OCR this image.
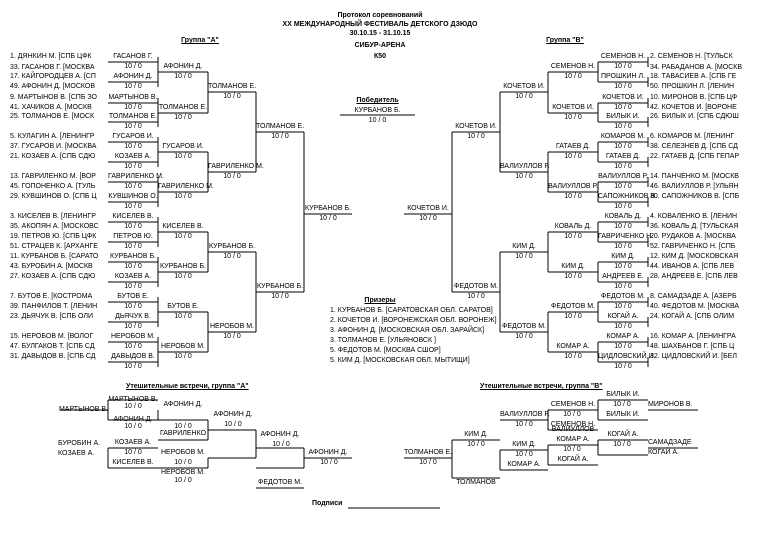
Протокол соревнований
XX МЕЖДУНАРОДНЫЙ ФЕСТИВАЛЬ ДЕТСКОГО ДЗЮДО
30.10.15 - 31.10.15
СИБУР-АРЕНА
К50
Группа "А"	Группа "В"
1. ДЯНКИН М. [СПБ ЦФК
33. ГАСАНОВ Г. [МОСКВА
17. КАЙГОРОДЦЕВ А. [СП
49. АФОНИН Д. [МОСКОВ
9. МАРТЫНОВ В. [СПБ ЗО
41. ХАЧИКОВ А. [МОСКВ
25. ТОЛМАНОВ Е. [МОСК
5. КУЛАГИН А. [ЛЕНИНГР
37. ГУСАРОВ И. [МОСКВА
21. КОЗАЕВ А. [СПБ СДЮ
13. ГАВРИЛЕНКО М. [ВОР
45. ГОПОНЕНКО А. [ТУЛЬ
29. КУВШИНОВ О. [СПБ Ц
3. КИСЕЛЕВ В. [ЛЕНИНГР
35. АКОПЯН А. [МОСКОВС
19. ПЕТРОВ Ю. [СПБ ЦФК
51. СТРАЦЕВ К. [АРХАНГЕ
11. КУРБАНОВ Б. [САРАТО
43. БУРОБИН А. [МОСКВ
27. КОЗАЕВ А. [СПБ СДЮ
7. БУТОВ Е. [КОСТРОМА
39. ПАНФИЛОВ Т. [ЛЕНИН
23. ДЬЯЧУК В. [СПБ ОЛИ
15. НЕРОБОВ М. [ВОЛОГ
47. БУЛГАКОВ Т. [СПБ СД
31. ДАВЫДОВ В. [СПБ СД
ГАСАНОВ Г.
10 / 0
АФОНИН Д.
10 / 0
МАРТЫНОВ В.
10 / 0
ТОЛМАНОВ Е.
10 / 0
ГУСАРОВ И.
10 / 0
КОЗАЕВ А.
10 / 0
ГАВРИЛЕНКО М.
10 / 0
КУВШИНОВ О.
10 / 0
КИСЕЛЕВ В.
10 / 0
ПЕТРОВ Ю.
10 / 0
КУРБАНОВ Б.
10 / 0
КОЗАЕВ А.
10 / 0
БУТОВ Е.
10 / 0
ДЬЯЧУК В.
10 / 0
НЕРОБОВ М.
10 / 0
ДАВЫДОВ В.
10 / 0
АФОНИН Д.
10 / 0
ТОЛМАНОВ Е.
10 / 0
ГУСАРОВ И.
10 / 0
ГАВРИЛЕНКО М.
10 / 0
КИСЕЛЕВ В.
10 / 0
КУРБАНОВ Б.
10 / 0
БУТОВ Е.
10 / 0
НЕРОБОВ М.
10 / 0
ТОЛМАНОВ Е.
10 / 0
ГАВРИЛЕНКО М.
10 / 0
КУРБАНОВ Б.
10 / 0
НЕРОБОВ М.
10 / 0
ТОЛМАНОВ Е.
10 / 0
КУРБАНОВ Б.
10 / 0
КУРБАНОВ Б.
10 / 0
2. СЕМЕНОВ Н. [ТУЛЬСК
34. РАБАДАНОВ А. [МОСКВ
18. ТАВАСИЕВ А. [СПБ ГЕ
50. ПРОШКИН Л. [ЛЕНИН
10. МИРОНОВ В. [СПБ ЦФ
42. КОЧЕТОВ И. [ВОРОНЕ
26. БИЛЫК И. [СПБ СДЮШ
6. КОМАРОВ М. [ЛЕНИНГ
38. СЕЛЕЗНЕВ Д. [СПБ СД
22. ГАТАЕВ Д. [СПБ ГЕПАР
14. ПАНЧЕНКО М. [МОСКВ
46. ВАЛИУЛЛОВ Р. [УЛЬЯН
30. САПОЖНИКОВ В. [СПБ
4. КОВАЛЕНКО В. [ЛЕНИН
36. КОВАЛЬ Д. [ТУЛЬСКАЯ
20. РУДАКОВ А. [МОСКВА
52. ГАВРИЧЕНКО Н. [СПБ
12. КИМ Д. [МОСКОВСКАЯ
44. ИВАНОВ А. [СПБ ЛЕВ
28. АНДРЕЕВ Е. [СПБ ЛЕВ
8. САМАДЗАДЕ А. [АЗЕРБ
40. ФЕДОТОВ М. [МОСКВА
24. КОГАЙ А. [СПБ ОЛИМ
16. КОМАР А. [ЛЕНИНГРА
48. ШАХБАНОВ Г. [СПБ Ц
32. ЦИДЛОВСКИЙ И. [БЕЛ
СЕМЕНОВ Н.
10 / 0
ПРОШКИН Л.
10 / 0
КОЧЕТОВ И.
10 / 0
БИЛЫК И.
10 / 0
КОМАРОВ М.
10 / 0
ГАТАЕВ Д.
10 / 0
ВАЛИУЛЛОВ Р.
10 / 0
САПОЖНИКОВ В.
10 / 0
КОВАЛЬ Д.
10 / 0
ГАВРИЧЕНКО Н.
10 / 0
КИМ Д.
10 / 0
АНДРЕЕВ Е.
10 / 0
ФЕДОТОВ М.
10 / 0
КОГАЙ А.
10 / 0
КОМАР А.
10 / 0
ЦИДЛОВСКИЙ И.
10 / 0
СЕМЕНОВ Н.
10 / 0
КОЧЕТОВ И.
10 / 0
ГАТАЕВ Д.
10 / 0
ВАЛИУЛЛОВ Р.
10 / 0
КОВАЛЬ Д.
10 / 0
КИМ Д.
10 / 0
ФЕДОТОВ М.
10 / 0
КОМАР А.
10 / 0
КОЧЕТОВ И.
10 / 0
ВАЛИУЛЛОВ Р.
10 / 0
КИМ Д.
10 / 0
ФЕДОТОВ М.
10 / 0
КОЧЕТОВ И.
10 / 0
ФЕДОТОВ М.
10 / 0
КОЧЕТОВ И.
10 / 0
МАРТЫНОВ В.
МАРТЫНОВ В.
АФОНИН Д.
АФОНИН Д.
ГАВРИЛЕНКО
АФОНИН Д.
АФОНИН Д.
БУРОБИН А.
КОЗАЕВ А.
КОЗАЕВ А.
КИСЕЛЕВ В.
НЕРОБОВ М.
НЕРОБОВ М.
АФОНИН Д.
ФЕДОТОВ М.
10 / 0
10 / 0	10 / 0	10 / 0
10 / 0
10 / 0
10 / 0
10 / 0
10 / 0
ВАЛИУЛЛОВ Р.
СЕМЕНОВ Н.
ВАЛИУЛЛОВ
СЕМЕНОВ Н.
БИЛЫК И.
МИРОНОВ В.
БИЛЫК И.
КИМ Д.
КИМ Д.
КОМАР А.
КОМАР А.
КОГАЙ А.
КОГАЙ А.
САМАДЗАДЕ
КОГАЙ А.
ТОЛМАНОВ Е.
ТОЛМАНОВ
10 / 0
10 / 0
10 / 0
10 / 0
10 / 0
10 / 0
10 / 0
10 / 0
Победитель
КУРБАНОВ Б.
10 / 0
Призеры
1. КУРБАНОВ Б. [САРАТОВСКАЯ ОБЛ. САРАТОВ]
2. КОЧЕТОВ И. [ВОРОНЕЖСКАЯ ОБЛ. ВОРОНЕЖ]
3. АФОНИН Д. [МОСКОВСКАЯ ОБЛ. ЗАРАЙСК]
3. ТОЛМАНОВ Е. [УЛЬЯНОВСК ]
5. ФЕДОТОВ М. [МОСКВА СШОР]
5. КИМ Д. [МОСКОВСКАЯ ОБЛ. МЫТИЩИ]
Утешительные встречи, группа "А"	Утешительные встречи, группа "В"
Подписи
